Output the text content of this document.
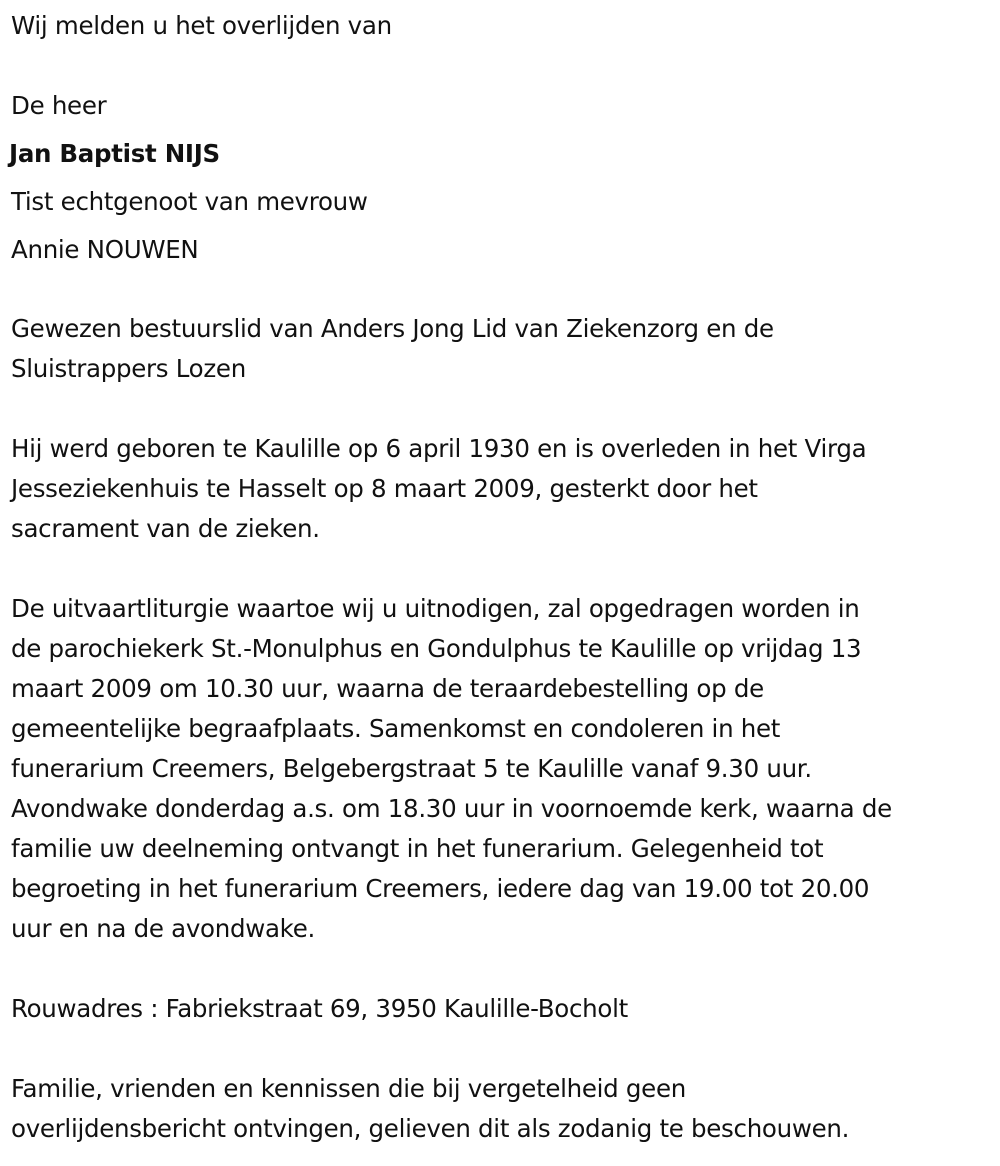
Wij melden u het overlijden van
De heer
Jan Baptist NIJS
Tist echtgenoot van mevrouw
Annie NOUWEN
Gewezen bestuurslid van Anders Jong Lid van Ziekenzorg en de
Sluistrappers Lozen
Hij werd geboren te Kaulille op 6 april 1930 en is overleden in het Virga
Jesseziekenhuis te Hasselt op 8 maart 2009, gesterkt door het
sacrament van de zieken.
De uitvaartliturgie waartoe wij u uitnodigen, zal opgedragen worden in
de parochiekerk St.-Monulphus en Gondulphus te Kaulille op vrijdag 13
maart 2009 om 10.30 uur, waarna de teraardebestelling op de
gemeentelijke begraafplaats. Samenkomst en condoleren in het
funerarium Creemers, Belgebergstraat 5 te Kaulille vanaf 9.30 uur.
Avondwake donderdag a.s. om 18.30 uur in voornoemde kerk, waarna de
familie uw deelneming ontvangt in het funerarium. Gelegenheid tot
begroeting in het funerarium Creemers, iedere dag van 19.00 tot 20.00
uur en na de avondwake.
Rouwadres : Fabriekstraat 69, 3950 Kaulille-Bocholt
Familie, vrienden en kennissen die bij vergetelheid geen
overlijdensbericht ontvingen, gelieven dit als zodanig te beschouwen.
